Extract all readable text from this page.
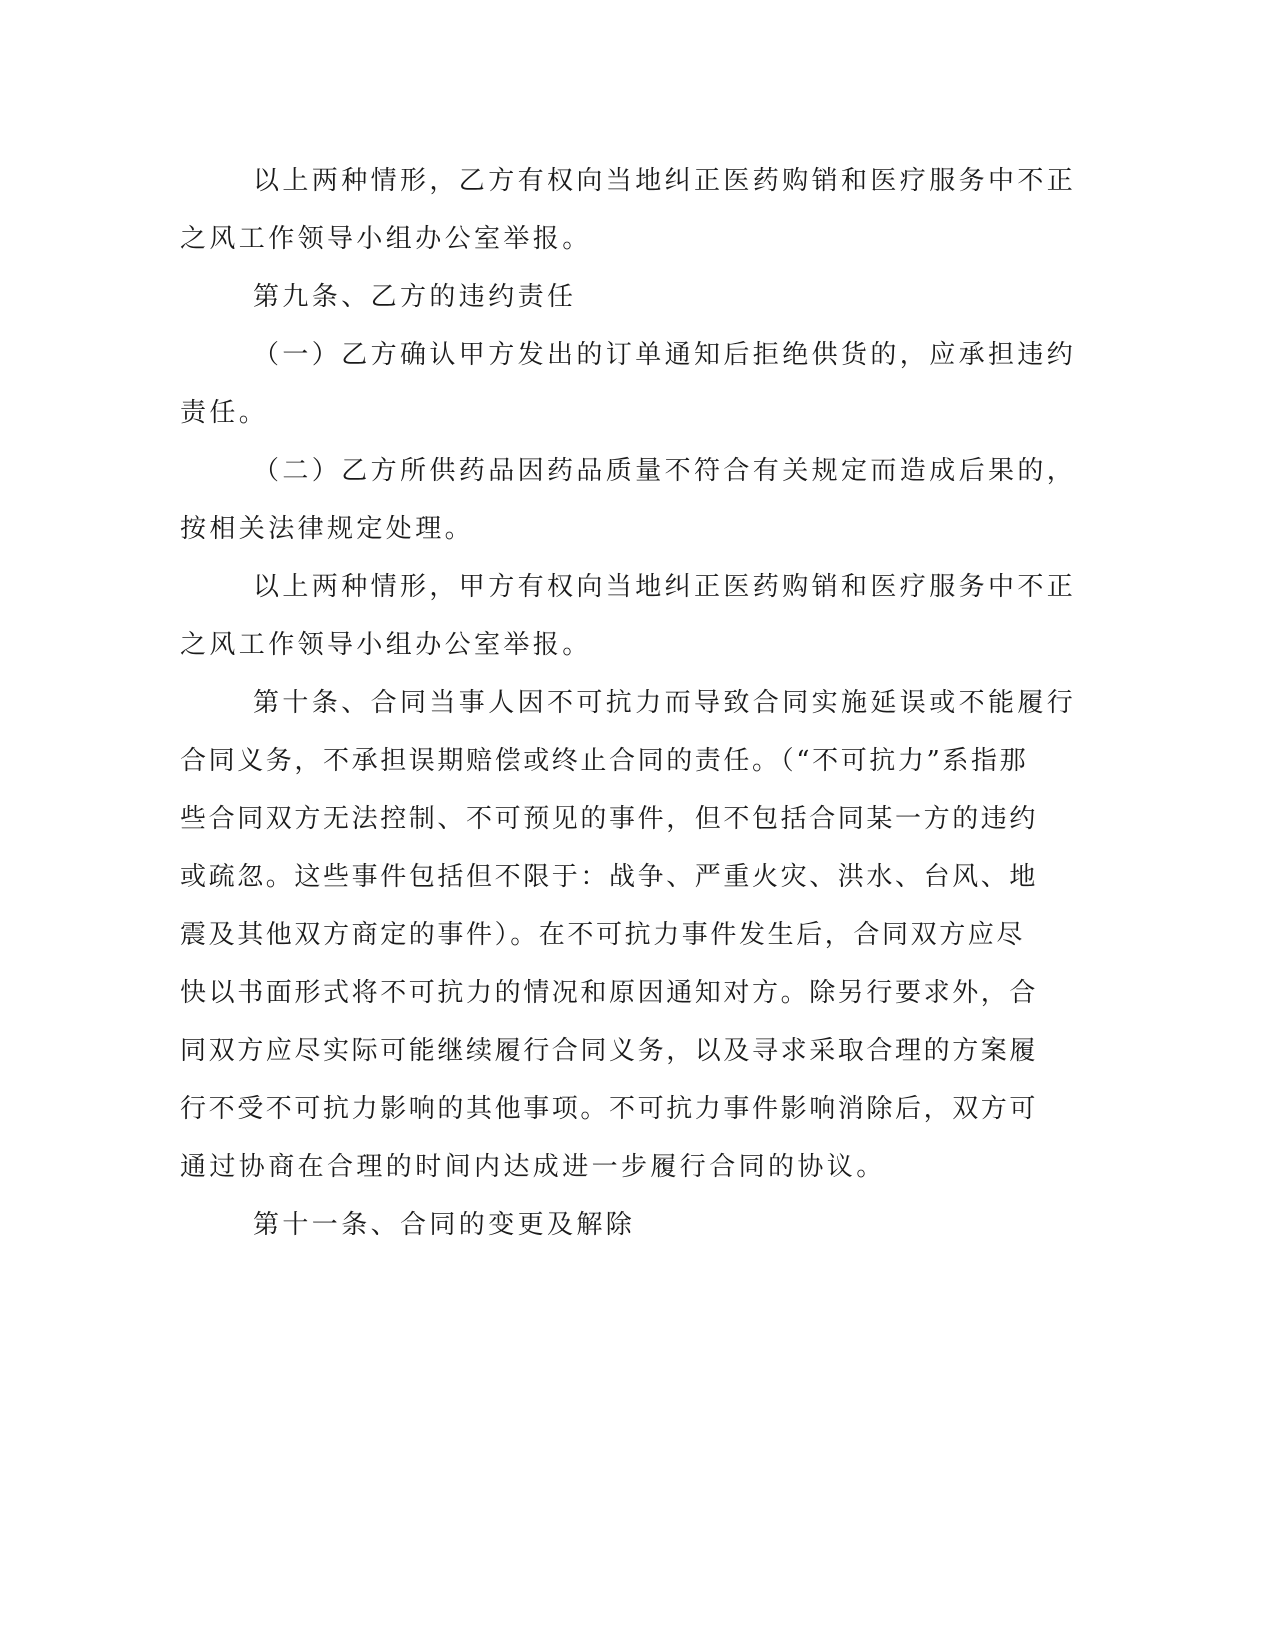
以上两种情形，乙方有权向当地纠正医药购销和医疗服务中不正
之风工作领导小组办公室举报。
第九条、乙方的违约责任
（一）乙方确认甲方发出的订单通知后拒绝供货的，应承担违约
责任。
（二）乙方所供药品因药品质量不符合有关规定而造成后果的，
按相关法律规定处理。
以上两种情形，甲方有权向当地纠正医药购销和医疗服务中不正
之风工作领导小组办公室举报。
第十条、合同当事人因不可抗力而导致合同实施延误或不能履行
合同义务，不承担误期赔偿或终止合同的责任。（“不可抗力”系指那
些合同双方无法控制、不可预见的事件，但不包括合同某一方的违约
或疏忽。这些事件包括但不限于：战争、严重火灾、洪水、台风、地
震及其他双方商定的事件）。在不可抗力事件发生后，合同双方应尽
快以书面形式将不可抗力的情况和原因通知对方。除另行要求外，合
同双方应尽实际可能继续履行合同义务，以及寻求采取合理的方案履
行不受不可抗力影响的其他事项。不可抗力事件影响消除后，双方可
通过协商在合理的时间内达成进一步履行合同的协议。
第十一条、合同的变更及解除
